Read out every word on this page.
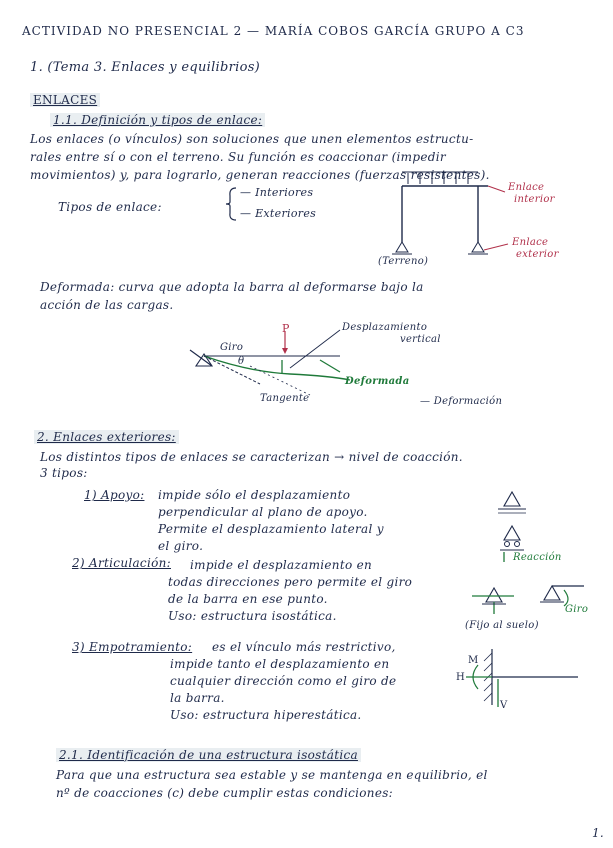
ACTIVIDAD NO PRESENCIAL 2 — MARÍA COBOS GARCÍA GRUPO A C3
1. (Tema 3. Enlaces y equilibrios)
ENLACES
1.1. Definición y tipos de enlace:
Los enlaces (o vínculos) son soluciones que unen elementos estructu-
rales entre sí o con el terreno. Su función es coaccionar (impedir
movimientos) y, para lograrlo, generan reacciones (fuerzas resistentes).
Tipos de enlace:
— Interiores
— Exteriores
Enlace
interior
Enlace
exterior
(Terreno)
Deformada: curva que adopta la barra al deformarse bajo la
acción de las cargas.
P
Giro
θ
Desplazamiento
vertical
Deformada
Tangente	— Deformación
2. Enlaces exteriores:
Los distintos tipos de enlaces se caracterizan → nivel de coacción.
3 tipos:
1) Apoyo: impide sólo el desplazamiento
perpendicular al plano de apoyo.
Permite el desplazamiento lateral y
el giro.
Reacción
2) Articulación: impide el desplazamiento en
todas direcciones pero permite el giro
de la barra en ese punto.
Uso: estructura isostática.	Giro
(Fijo al suelo)
3) Empotramiento: es el vínculo más restrictivo,
impide tanto el desplazamiento en
cualquier dirección como el giro de
la barra.
Uso: estructura hiperestática.
M
H
V
2.1. Identificación de una estructura isostática
Para que una estructura sea estable y se mantenga en equilibrio, el
nº de coacciones (c) debe cumplir estas condiciones:
1.
